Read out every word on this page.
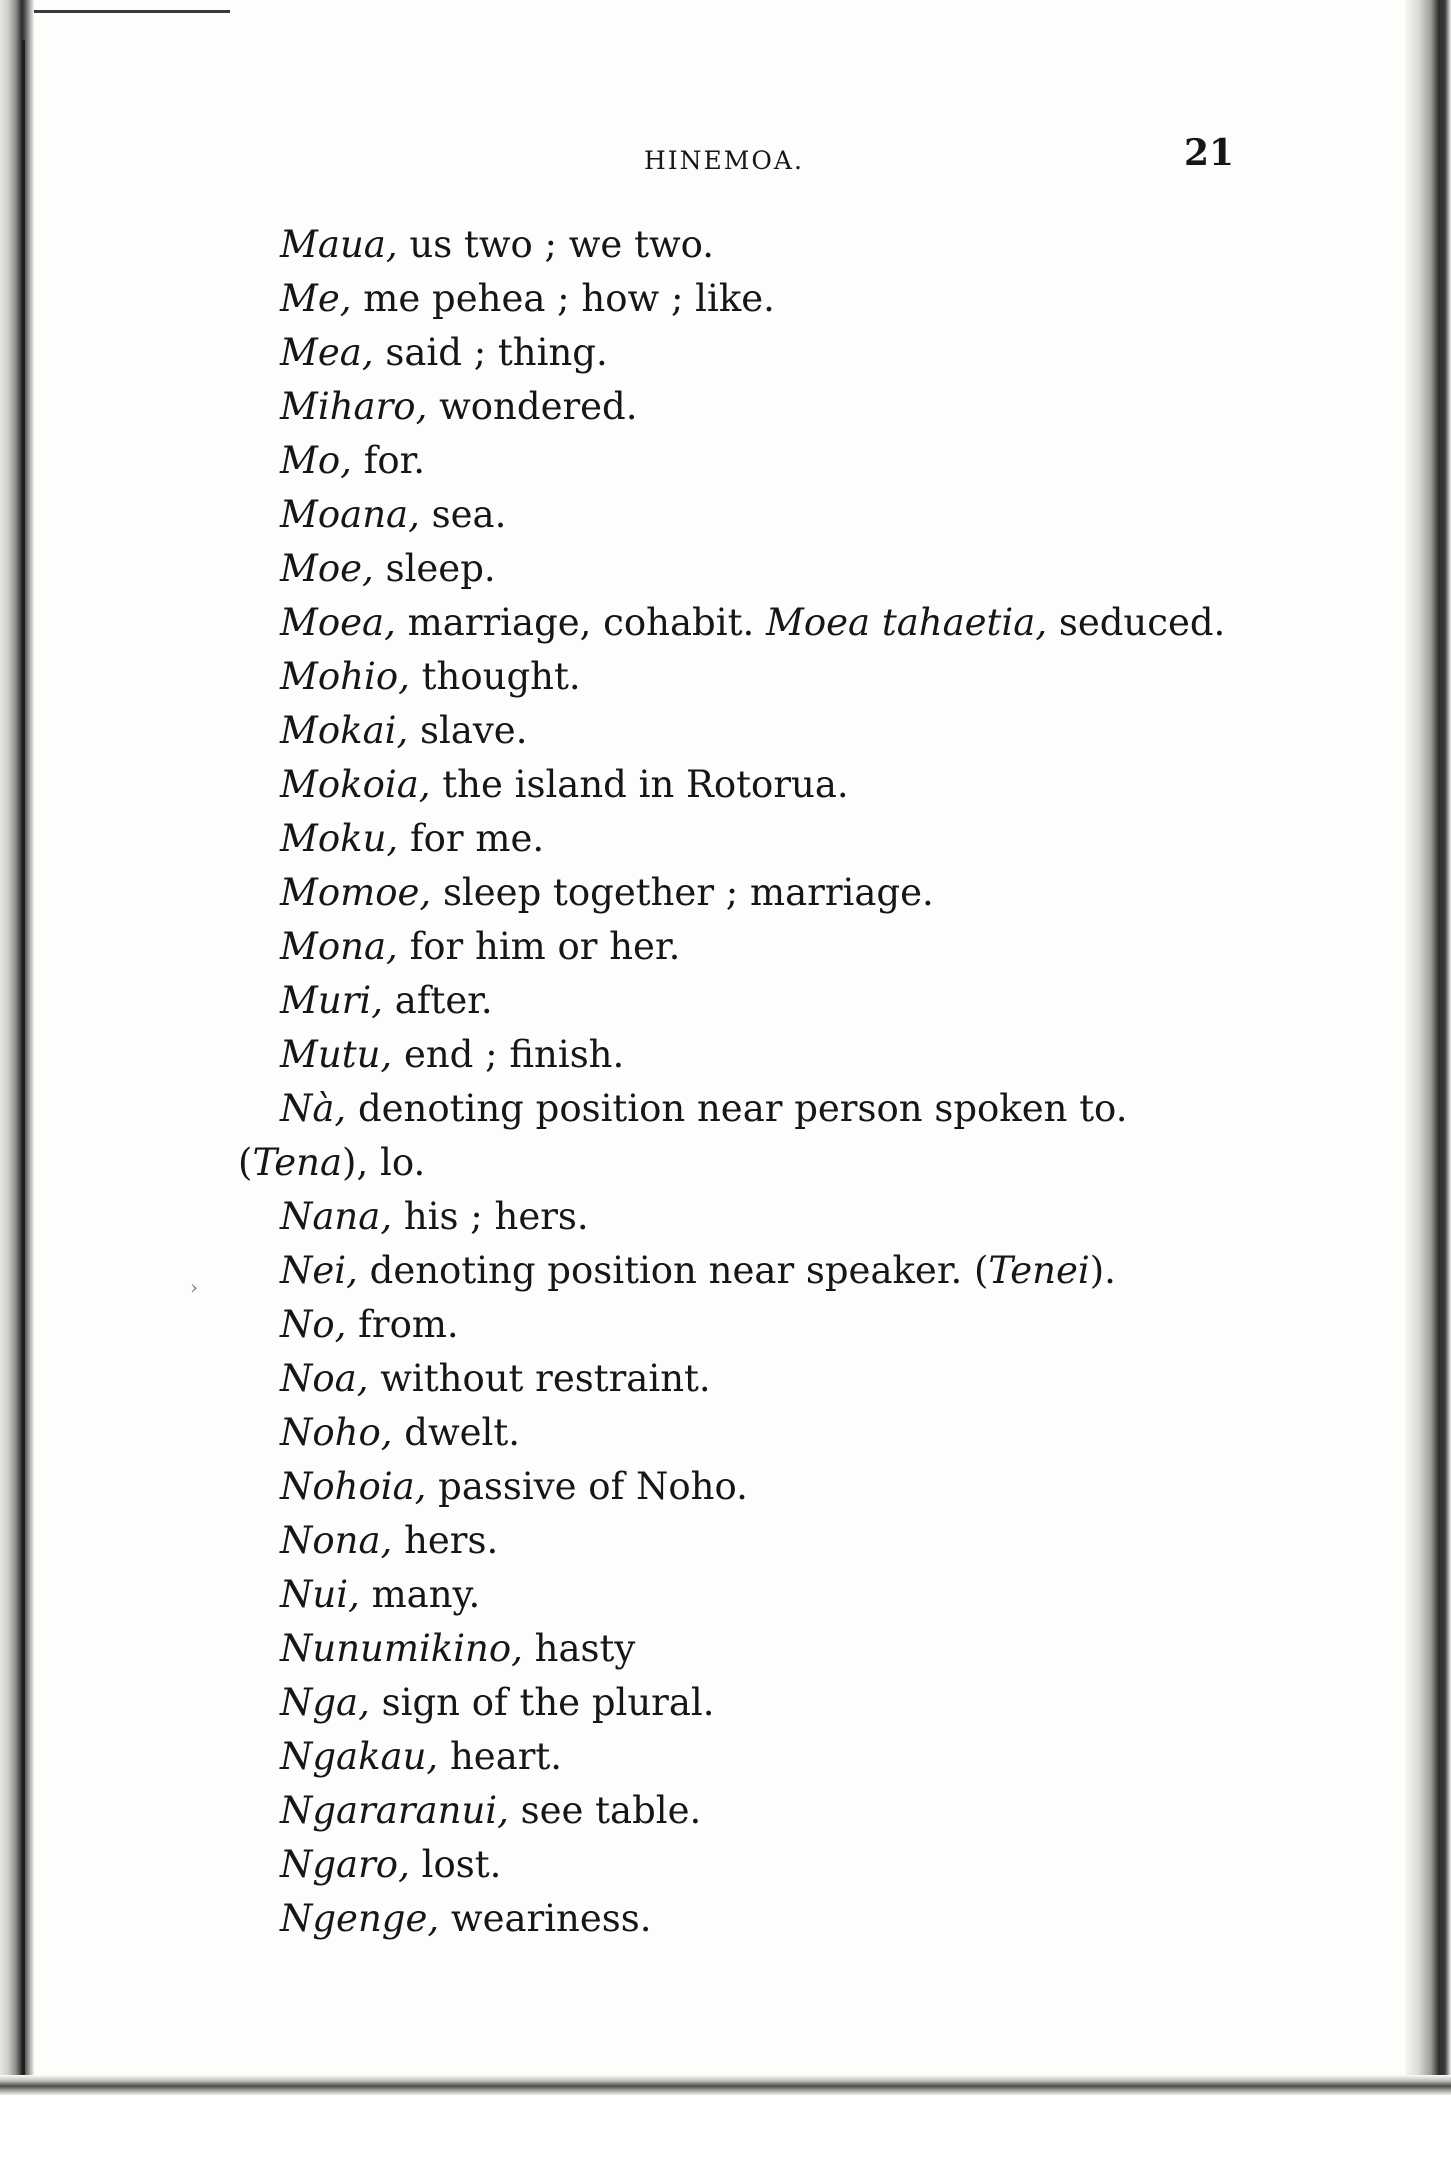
HINEMOA.	21
›
Maua, us two ; we two.
Me, me pehea ; how ; like.
Mea, said ; thing.
Miharo, wondered.
Mo, for.
Moana, sea.
Moe, sleep.
Moea, marriage, cohabit. Moea tahaetia, seduced.
Mohio, thought.
Mokai, slave.
Mokoia, the island in Rotorua.
Moku, for me.
Momoe, sleep together ; marriage.
Mona, for him or her.
Muri, after.
Mutu, end ; finish.
Nà, denoting position near person spoken to.
(Tena), lo.
Nana, his ; hers.
Nei, denoting position near speaker. (Tenei).
No, from.
Noa, without restraint.
Noho, dwelt.
Nohoia, passive of Noho.
Nona, hers.
Nui, many.
Nunumikino, hasty
Nga, sign of the plural.
Ngakau, heart.
Ngararanui, see table.
Ngaro, lost.
Ngenge, weariness.
